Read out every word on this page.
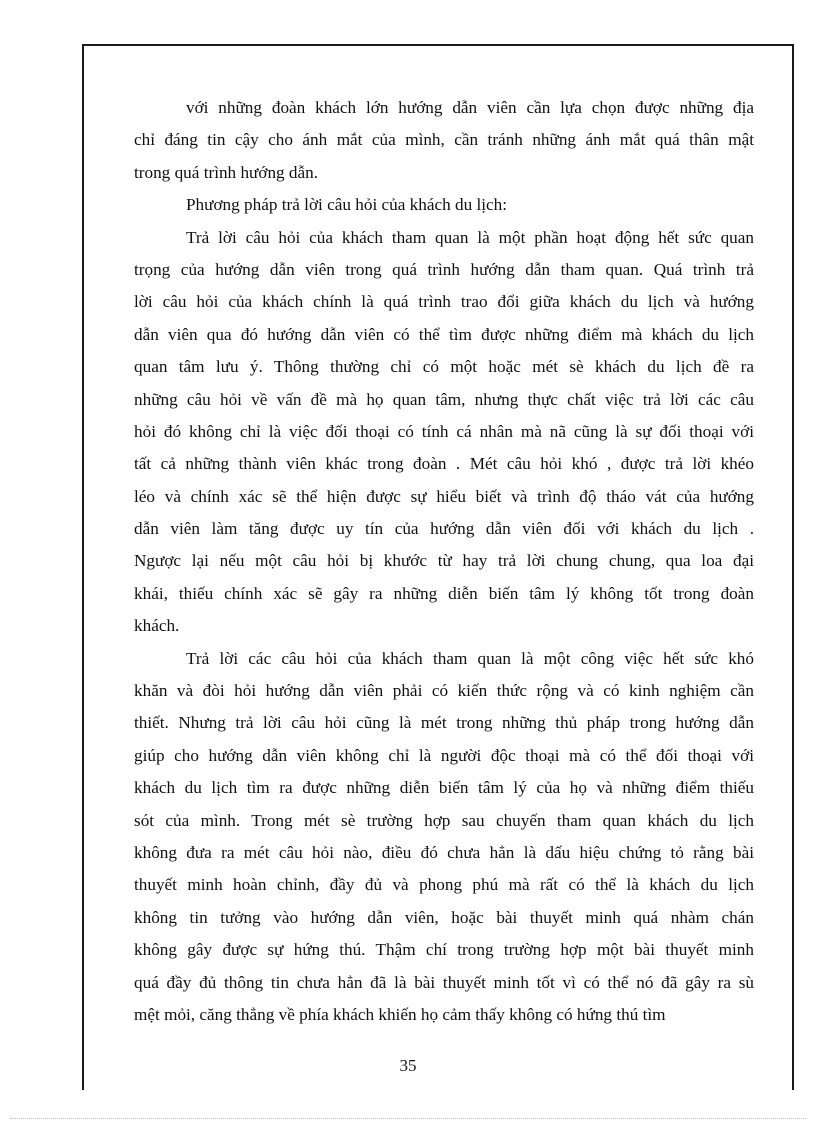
với những đoàn khách lớn hướng dẫn viên cần lựa chọn được những địa
chỉ đáng tin cậy cho ánh mắt của mình, cần tránh những ánh mắt quá thân mật
trong quá trình hướng dẫn.
Phương pháp trả lời câu hỏi của khách du lịch:
Trả lời câu hỏi của khách tham quan là một phần hoạt động hết sức quan
trọng của hướng dẫn viên trong quá trình hướng dẫn tham quan. Quá trình trả
lời câu hỏi của khách chính là quá trình trao đổi giữa khách du lịch và hướng
dẫn viên qua đó hướng dẫn viên có thể tìm được những điểm mà khách du lịch
quan tâm lưu ý. Thông thường chỉ có một hoặc mét sè khách du lịch đề ra
những câu hỏi về vấn đề mà họ quan tâm, nhưng thực chất việc trả lời các câu
hỏi đó không chỉ là việc đối thoại có tính cá nhân mà nã cũng là sự đối thoại với
tất cả những thành viên khác trong đoàn . Mét câu hỏi khó , được trả lời khéo
léo và chính xác sẽ thể hiện được sự hiểu biết và trình độ tháo vát của hướng
dẫn viên làm tăng được uy tín của hướng dẫn viên đối với khách du lịch .
Ngược lại nếu một câu hỏi bị khước từ hay trả lời chung chung, qua loa đại
khái, thiếu chính xác sẽ gây ra những diễn biến tâm lý không tốt trong đoàn
khách.
Trả lời các câu hỏi của khách tham quan là một công việc hết sức khó
khăn và đòi hỏi hướng dẫn viên phải có kiến thức rộng và có kinh nghiệm cần
thiết. Nhưng trả lời câu hỏi cũng là mét trong những thủ pháp trong hướng dẫn
giúp cho hướng dẫn viên không chỉ là người độc thoại mà có thể đối thoại với
khách du lịch tìm ra được những diễn biến tâm lý của họ và những điểm thiếu
sót của mình. Trong mét sè trường hợp sau chuyến tham quan khách du lịch
không đưa ra mét câu hỏi nào, điều đó chưa hẳn là dấu hiệu chứng tỏ rằng bài
thuyết minh hoàn chỉnh, đầy đủ và phong phú mà rất có thể là khách du lịch
không tin tưởng vào hướng dẫn viên, hoặc bài thuyết minh quá nhàm chán
không gây được sự hứng thú. Thậm chí trong trường hợp một bài thuyết minh
quá đầy đủ thông tin chưa hẳn đã là bài thuyết minh tốt vì có thể nó đã gây ra sù
mệt mỏi, căng thẳng về phía khách khiến họ cảm thấy không có hứng thú tìm
35
